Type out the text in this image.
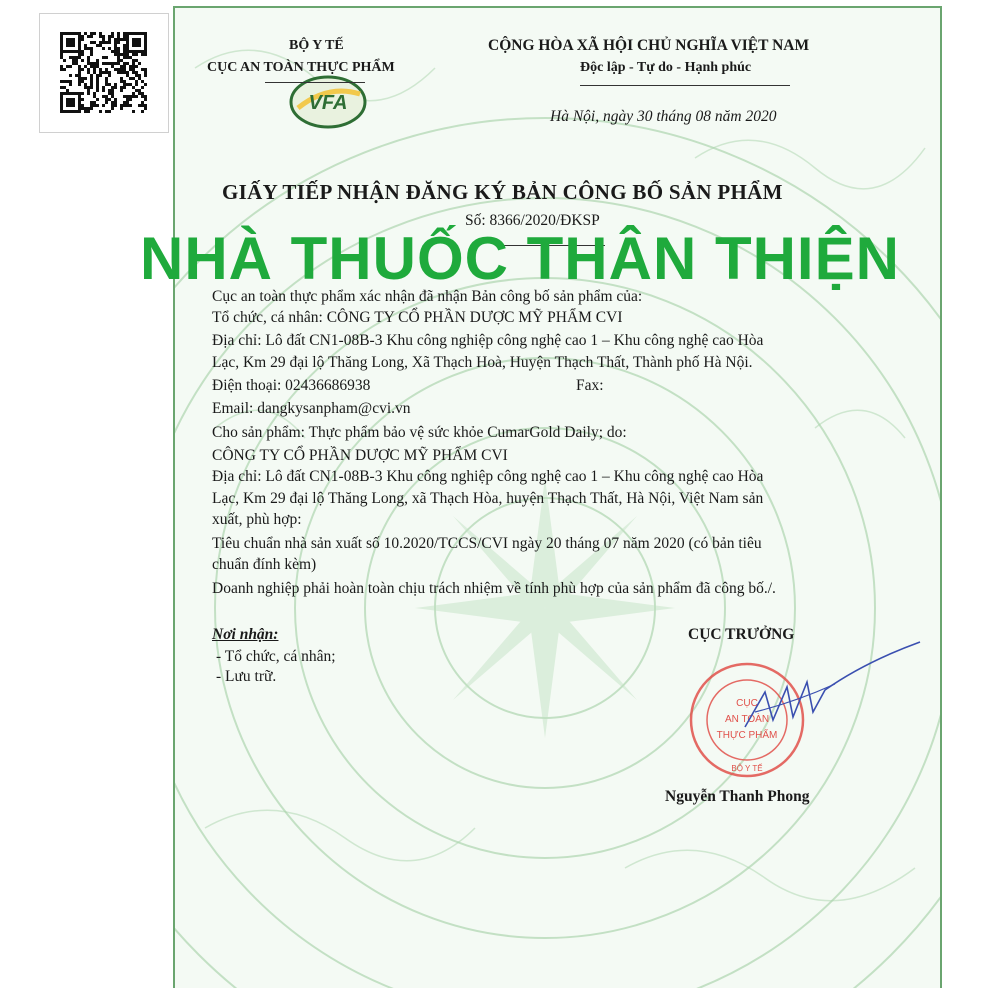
VFA
BỘ Y TẾ
CỤC AN TOÀN THỰC PHẨM
CỘNG HÒA XÃ HỘI CHỦ NGHĨA VIỆT NAM
Độc lập - Tự do - Hạnh phúc
Hà Nội, ngày 30 tháng 08 năm 2020
GIẤY TIẾP NHẬN ĐĂNG KÝ BẢN CÔNG BỐ SẢN PHẨM
Số: 8366/2020/ĐKSP
Cục an toàn thực phẩm xác nhận đã nhận Bản công bố sản phẩm của:
Tổ chức, cá nhân: CÔNG TY CỔ PHẦN DƯỢC MỸ PHẨM CVI
Địa chỉ: Lô đất CN1-08B-3 Khu công nghiệp công nghệ cao 1 – Khu công nghệ cao Hòa
Lạc, Km 29 đại lộ Thăng Long, Xã Thạch Hoà, Huyện Thạch Thất, Thành phố Hà Nội.
Điện thoại: 02436686938	Fax:
Email: dangkysanpham@cvi.vn
Cho sản phẩm: Thực phẩm bảo vệ sức khỏe CumarGold Daily; do:
CÔNG TY CỔ PHẦN DƯỢC MỸ PHẨM CVI
Địa chỉ: Lô đất CN1-08B-3 Khu công nghiệp công nghệ cao 1 – Khu công nghệ cao Hòa
Lạc, Km 29 đại lộ Thăng Long, xã Thạch Hòa, huyện Thạch Thất, Hà Nội, Việt Nam sản
xuất, phù hợp:
Tiêu chuẩn nhà sản xuất số 10.2020/TCCS/CVI ngày 20 tháng 07 năm 2020 (có bản tiêu
chuẩn đính kèm)
Doanh nghiệp phải hoàn toàn chịu trách nhiệm về tính phù hợp của sản phẩm đã công bố./.
Nơi nhận:
- Tổ chức, cá nhân;
- Lưu trữ.
CỤC TRƯỞNG
CỤC
AN TOÀN
THỰC PHẨM
BỘ Y TẾ
Nguyễn Thanh Phong
NHÀ THUỐC THÂN THIỆN
